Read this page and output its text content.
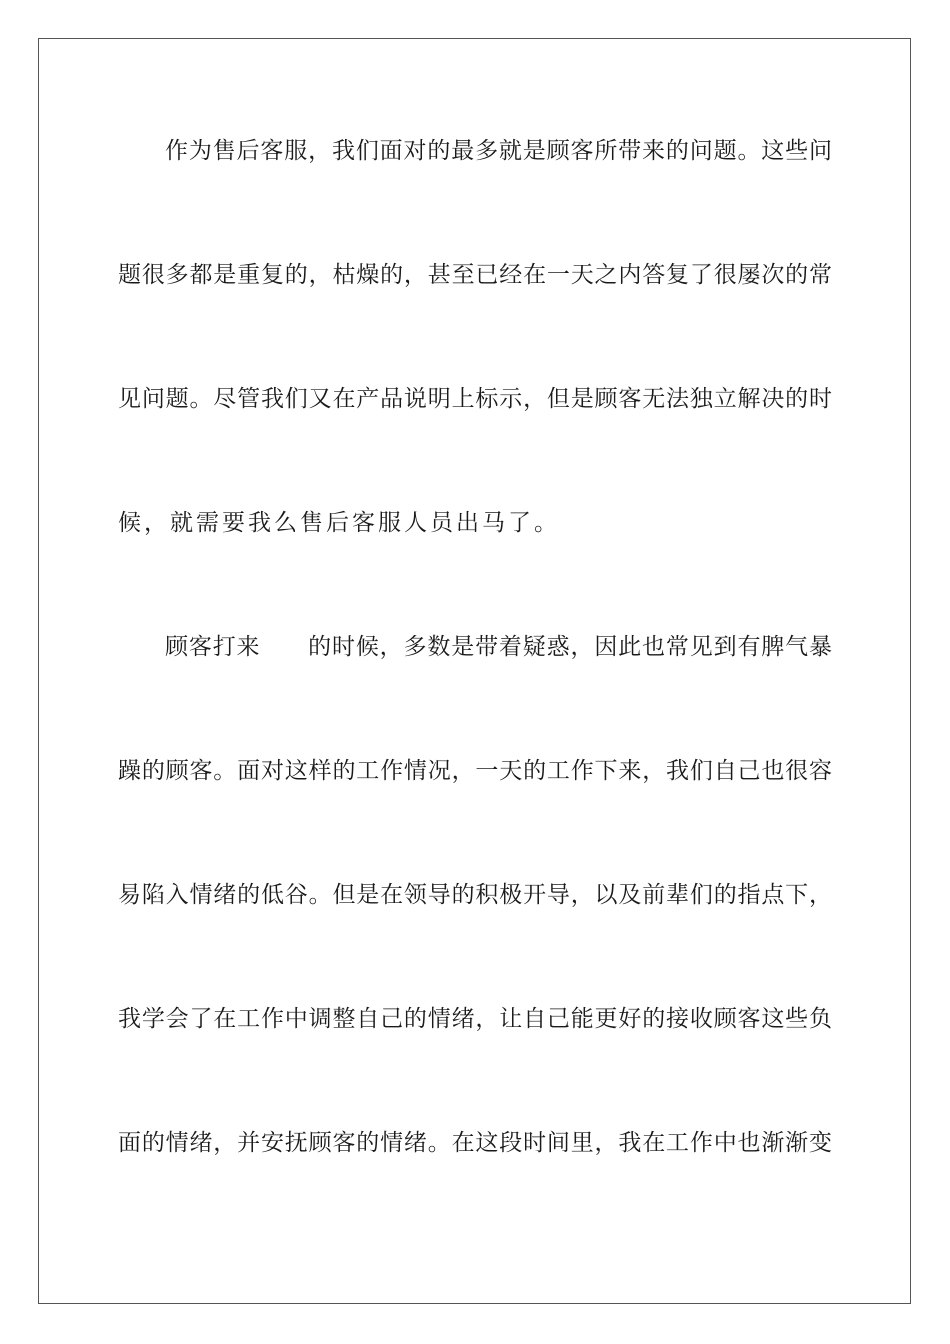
作为售后客服，我们面对的最多就是顾客所带来的问题。这些问
题很多都是重复的，枯燥的，甚至已经在一天之内答复了很屡次的常
见问题。尽管我们又在产品说明上标示，但是顾客无法独立解决的时
候，就需要我么售后客服人员出马了。
顾客打来　　的时候，多数是带着疑惑，因此也常见到有脾气暴
躁的顾客。面对这样的工作情况，一天的工作下来，我们自己也很容
易陷入情绪的低谷。但是在领导的积极开导，以及前辈们的指点下，
我学会了在工作中调整自己的情绪，让自己能更好的接收顾客这些负
面的情绪，并安抚顾客的情绪。在这段时间里，我在工作中也渐渐变
